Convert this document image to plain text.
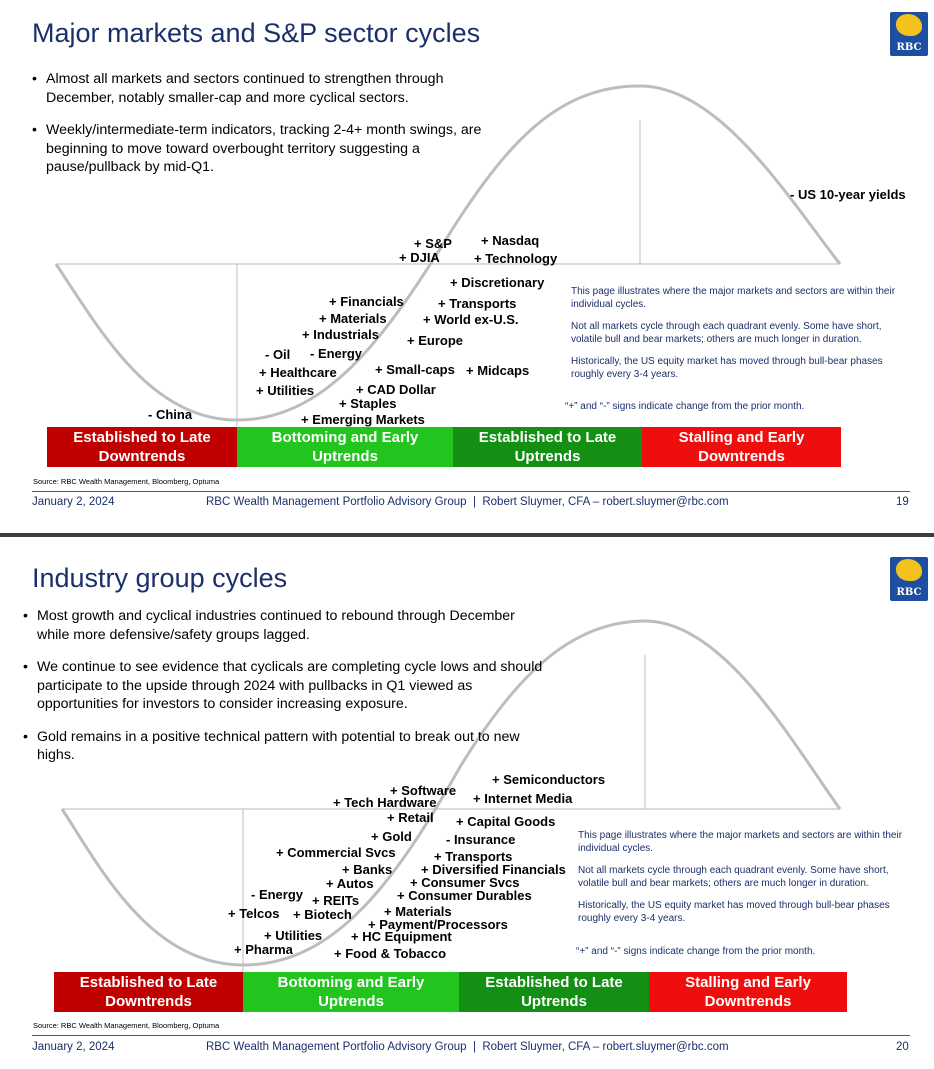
Major markets and S&P sector cycles	RBC
• Almost all markets and sectors continued to strengthen through December, notably smaller-cap and more cyclical sectors.
• Weekly/intermediate-term indicators, tracking 2-4+ month swings, are beginning to move toward overbought territory suggesting a pause/pullback by mid-Q1.
- US 10-year yields
+ Nasdaq
+ S&P
+ DJIA	+ Technology
+ Discretionary
+ Financials	+ Transports
+ Materials	+ World ex-U.S.
+ Industrials + Europe
- Oil - Energy
+ Healthcare	+ Small-caps + Midcaps
+ Utilities	+ CAD Dollar
+ Staples
- China	+ Emerging Markets

This page illustrates where the major markets and sectors are within their individual cycles.

Not all markets cycle through each quadrant evenly. Some have short, volatile bull and bear markets; others are much longer in duration.

Historically, the US equity market has moved through bull-bear phases roughly every 3-4 years.

“+” and “-” signs indicate change from the prior month.
Established to Late Downtrends
Bottoming and Early Uptrends
Established to Late Uptrends
Stalling and Early Downtrends
Source: RBC Wealth Management, Bloomberg, Optuma
January 2, 2024	RBC Wealth Management Portfolio Advisory Group  |  Robert Sluymer, CFA – robert.sluymer@rbc.com	19
Industry group cycles	RBC
• Most growth and cyclical industries continued to rebound through December while more defensive/safety groups lagged.
• We continue to see evidence that cyclicals are completing cycle lows and should participate to the upside through 2024 with pullbacks in Q1 viewed as opportunities for investors to consider increasing exposure.
• Gold remains in a positive technical pattern with potential to break out to new highs.
+ Semiconductors
+ Software
+ Internet Media
+ Tech Hardware
+ Retail + Capital Goods
+ Gold	- Insurance
+ Commercial Svcs	+ Transports
+ Banks + Diversified Financials
+ Autos	+ Consumer Svcs
- Energy + REITs	+ Consumer Durables
+ Telcos + Biotech + Materials
+ Payment/Processors
+ Utilities + HC Equipment
+ Pharma	+ Food & Tobacco

This page illustrates where the major markets and sectors are within their individual cycles.

Not all markets cycle through each quadrant evenly. Some have short, volatile bull and bear markets; others are much longer in duration.

Historically, the US equity market has moved through bull-bear phases roughly every 3-4 years.

“+” and “-” signs indicate change from the prior month.
Established to Late Downtrends
Bottoming and Early Uptrends
Established to Late Uptrends
Stalling and Early Downtrends
Source: RBC Wealth Management, Bloomberg, Optuma
January 2, 2024	RBC Wealth Management Portfolio Advisory Group  |  Robert Sluymer, CFA – robert.sluymer@rbc.com	20
